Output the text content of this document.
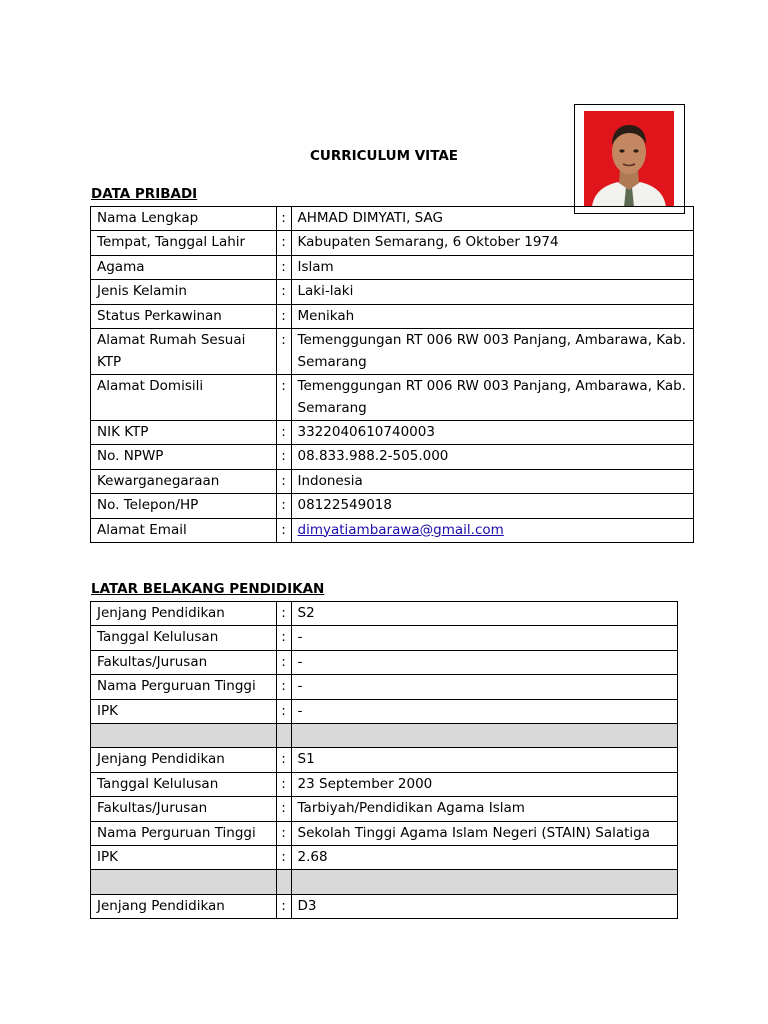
CURRICULUM VITAE
DATA PRIBADI
Nama Lengkap	:	AHMAD DIMYATI, SAG
Tempat, Tanggal Lahir	:	Kabupaten Semarang, 6 Oktober 1974
Agama	:	Islam
Jenis Kelamin	:	Laki-laki
Status Perkawinan	:	Menikah
Alamat Rumah Sesuai KTP	:	Temenggungan RT 006 RW 003 Panjang, Ambarawa, Kab. Semarang
Alamat Domisili	:	Temenggungan RT 006 RW 003 Panjang, Ambarawa, Kab. Semarang
NIK KTP	:	3322040610740003
No. NPWP	:	08.833.988.2-505.000
Kewarganegaraan	:	Indonesia
No. Telepon/HP	:	08122549018
Alamat Email	:	dimyatiambarawa@gmail.com
LATAR BELAKANG PENDIDIKAN
Jenjang Pendidikan	:	S2
Tanggal Kelulusan	:	-
Fakultas/Jurusan	:	-
Nama Perguruan Tinggi	:	-
IPK	:	-

Jenjang Pendidikan	:	S1
Tanggal Kelulusan	:	23 September 2000
Fakultas/Jurusan	:	Tarbiyah/Pendidikan Agama Islam
Nama Perguruan Tinggi	:	Sekolah Tinggi Agama Islam Negeri (STAIN) Salatiga
IPK	:	2.68

Jenjang Pendidikan	:	D3
